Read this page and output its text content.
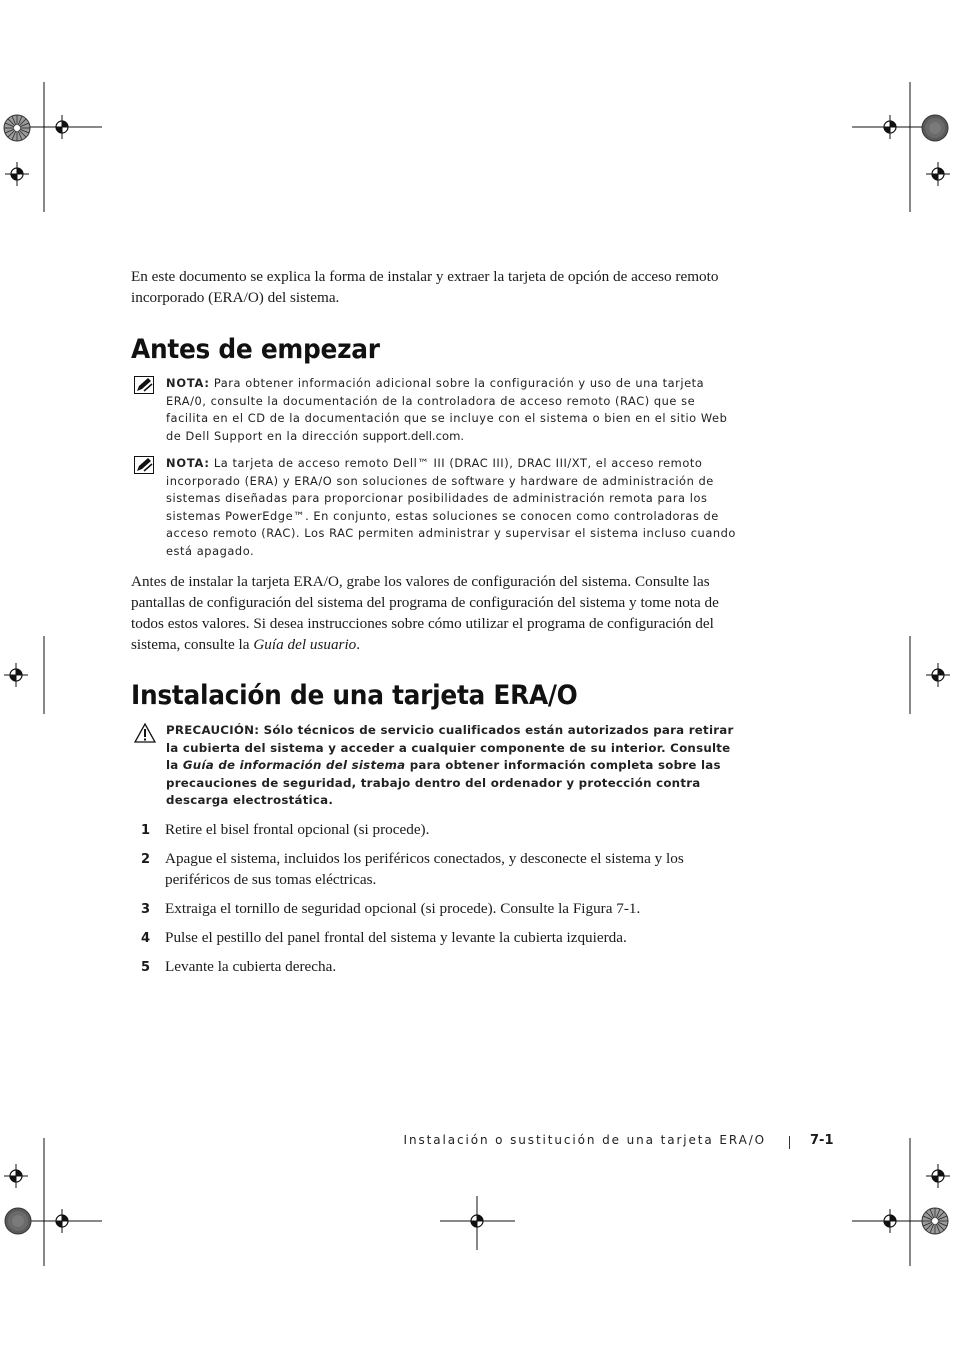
En este documento se explica la forma de instalar y extraer la tarjeta de opción de acceso remoto incorporado (ERA/O) del sistema.
Antes de empezar
NOTA: Para obtener información adicional sobre la configuración y uso de una tarjeta ERA/0, consulte la documentación de la controladora de acceso remoto (RAC) que se facilita en el CD de la documentación que se incluye con el sistema o bien en el sitio Web de Dell Support en la dirección support.dell.com.
NOTA: La tarjeta de acceso remoto Dell™ III (DRAC III), DRAC III/XT, el acceso remoto incorporado (ERA) y ERA/O son soluciones de software y hardware de administración de sistemas diseñadas para proporcionar posibilidades de administración remota para los sistemas PowerEdge™. En conjunto, estas soluciones se conocen como controladoras de acceso remoto (RAC). Los RAC permiten administrar y supervisar el sistema incluso cuando está apagado.
Antes de instalar la tarjeta ERA/O, grabe los valores de configuración del sistema. Consulte las pantallas de configuración del sistema del programa de configuración del sistema y tome nota de todos estos valores. Si desea instrucciones sobre cómo utilizar el programa de configuración del sistema, consulte la Guía del usuario.
Instalación de una tarjeta ERA/O
PRECAUCIÓN: Sólo técnicos de servicio cualificados están autorizados para retirar la cubierta del sistema y acceder a cualquier componente de su interior. Consulte la Guía de información del sistema para obtener información completa sobre las precauciones de seguridad, trabajo dentro del ordenador y protección contra descarga electrostática.
1 Retire el bisel frontal opcional (si procede).
2 Apague el sistema, incluidos los periféricos conectados, y desconecte el sistema y los periféricos de sus tomas eléctricas.
3 Extraiga el tornillo de seguridad opcional (si procede). Consulte la Figura 7-1.
4 Pulse el pestillo del panel frontal del sistema y levante la cubierta izquierda.
5 Levante la cubierta derecha.
Instalación o sustitución de una tarjeta ERA/O	7-1
